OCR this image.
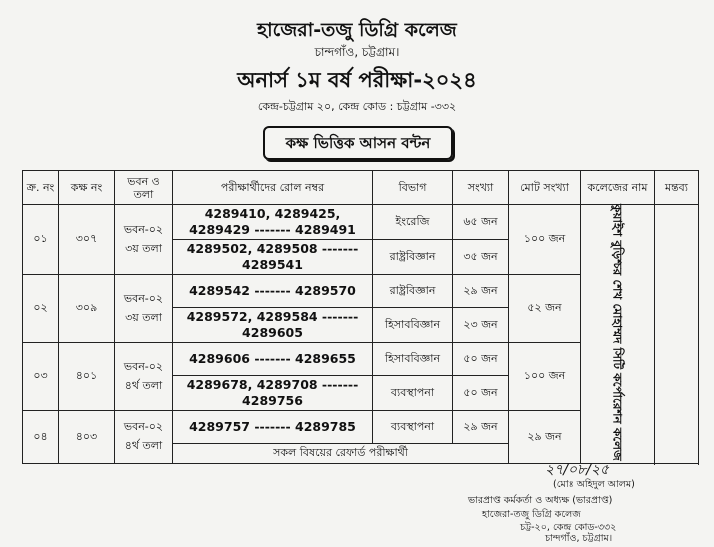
হাজেরা-তজু ডিগ্রি কলেজ
চান্দগাঁও, চট্টগ্রাম।
অনার্স ১ম বর্ষ পরীক্ষা-২০২৪
কেন্দ্র-চট্টগ্রাম ২০, কেন্দ্র কোড : চট্টগ্রাম -৩৩২
কক্ষ ভিত্তিক আসন বন্টন
ক্র. নং	কক্ষ নং	ভবন ও তলা	পরীক্ষার্থীদের রোল নম্বর	বিভাগ	সংখ্যা	মোট সংখ্যা	কলেজের নাম	মন্তব্য
০১	৩০৭	ভবন-০২ ৩য় তলা	4289410, 4289425, 4289429 ------- 4289491	ইংরেজি	৬৫ জন	১০০ জন	কুয়াইশ বুড়িশ্চর শেখ মোহাম্মদ সিটি কর্পোরেশন কলেজ	
			4289502, 4289508 ------- 4289541	রাষ্ট্রবিজ্ঞান	৩৫ জন			
০২	৩০৯	ভবন-০২ ৩য় তলা	4289542 ------- 4289570	রাষ্ট্রবিজ্ঞান	২৯ জন	৫২ জন		
			4289572, 4289584 ------- 4289605	হিসাববিজ্ঞান	২৩ জন			
০৩	৪০১	ভবন-০২ ৪র্থ তলা	4289606 ------- 4289655	হিসাববিজ্ঞান	৫০ জন	১০০ জন		
			4289678, 4289708 ------- 4289756	ব্যবস্থাপনা	৫০ জন			
০৪	৪০৩	ভবন-০২ ৪র্থ তলা	4289757 ------- 4289785	ব্যবস্থাপনা	২৯ জন	২৯ জন		
			সকল বিষয়ের রেফার্ড পরীক্ষার্থী					

২৭/০৮/২৫
(মোঃ অহিদুল আলম)
ভারপ্রাপ্ত কর্মকর্তা ও অধ্যক্ষ (ভারপ্রাপ্ত)
হাজেরা-তজু ডিগ্রি কলেজ
চট্ট-২০, কেন্দ্র কোড-৩৩২
চান্দগাঁও, চট্টগ্রাম।
